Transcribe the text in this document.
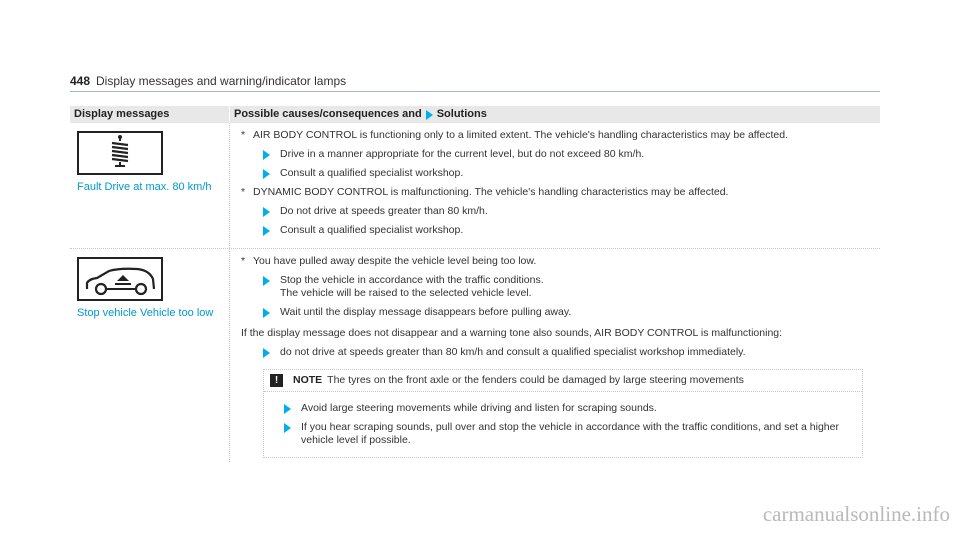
448 Display messages and warning/indicator lamps
Display messages	Possible causes/consequences and Solutions
Fault Drive at max. 80 km/h
* AIR BODY CONTROL is functioning only to a limited extent. The vehicle's handling characteristics may be affected.
Drive in a manner appropriate for the current level, but do not exceed 80 km/h.
Consult a qualified specialist workshop.
* DYNAMIC BODY CONTROL is malfunctioning. The vehicle's handling characteristics may be affected.
Do not drive at speeds greater than 80 km/h.
Consult a qualified specialist workshop.
Stop vehicle Vehicle too low
* You have pulled away despite the vehicle level being too low.
Stop the vehicle in accordance with the traffic conditions.
The vehicle will be raised to the selected vehicle level.
Wait until the display message disappears before pulling away.
If the display message does not disappear and a warning tone also sounds, AIR BODY CONTROL is malfunctioning:
do not drive at speeds greater than 80 km/h and consult a qualified specialist workshop immediately.
!	NOTE The tyres on the front axle or the fenders could be damaged by large steering movements
Avoid large steering movements while driving and listen for scraping sounds.
If you hear scraping sounds, pull over and stop the vehicle in accordance with the traffic conditions, and set a higher vehicle level if possible.
carmanualsonline.info
